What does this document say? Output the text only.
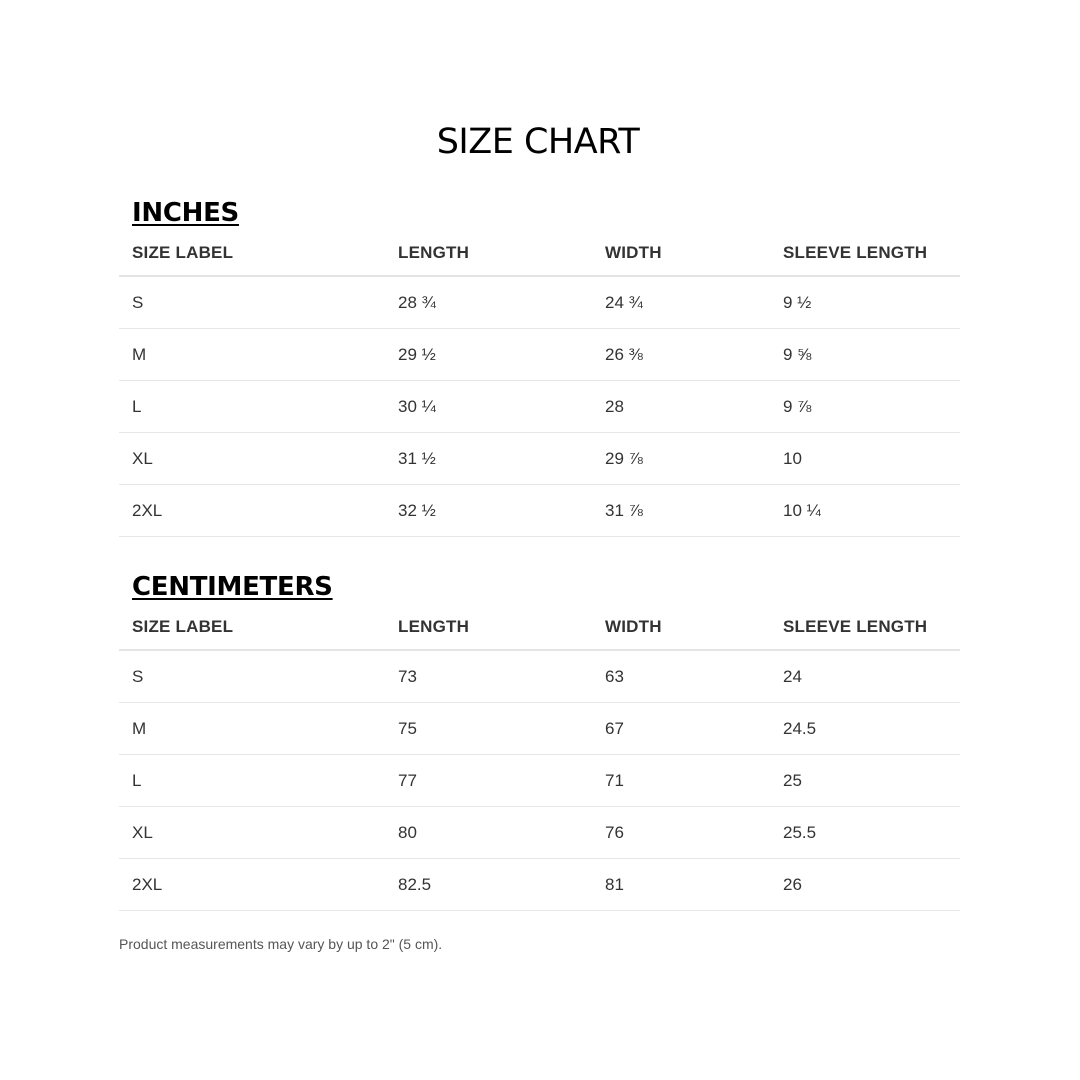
SIZE CHART
INCHES
SIZE LABEL	LENGTH	WIDTH	SLEEVE LENGTH
S	28 ¾	24 ¾	9 ½
M	29 ½	26 ⅜	9 ⅝
L	30 ¼	28	9 ⅞
XL	31 ½	29 ⅞	10
2XL	32 ½	31 ⅞	10 ¼
CENTIMETERS
SIZE LABEL	LENGTH	WIDTH	SLEEVE LENGTH
S	73	63	24
M	75	67	24.5
L	77	71	25
XL	80	76	25.5
2XL	82.5	81	26

Product measurements may vary by up to 2" (5 cm).
